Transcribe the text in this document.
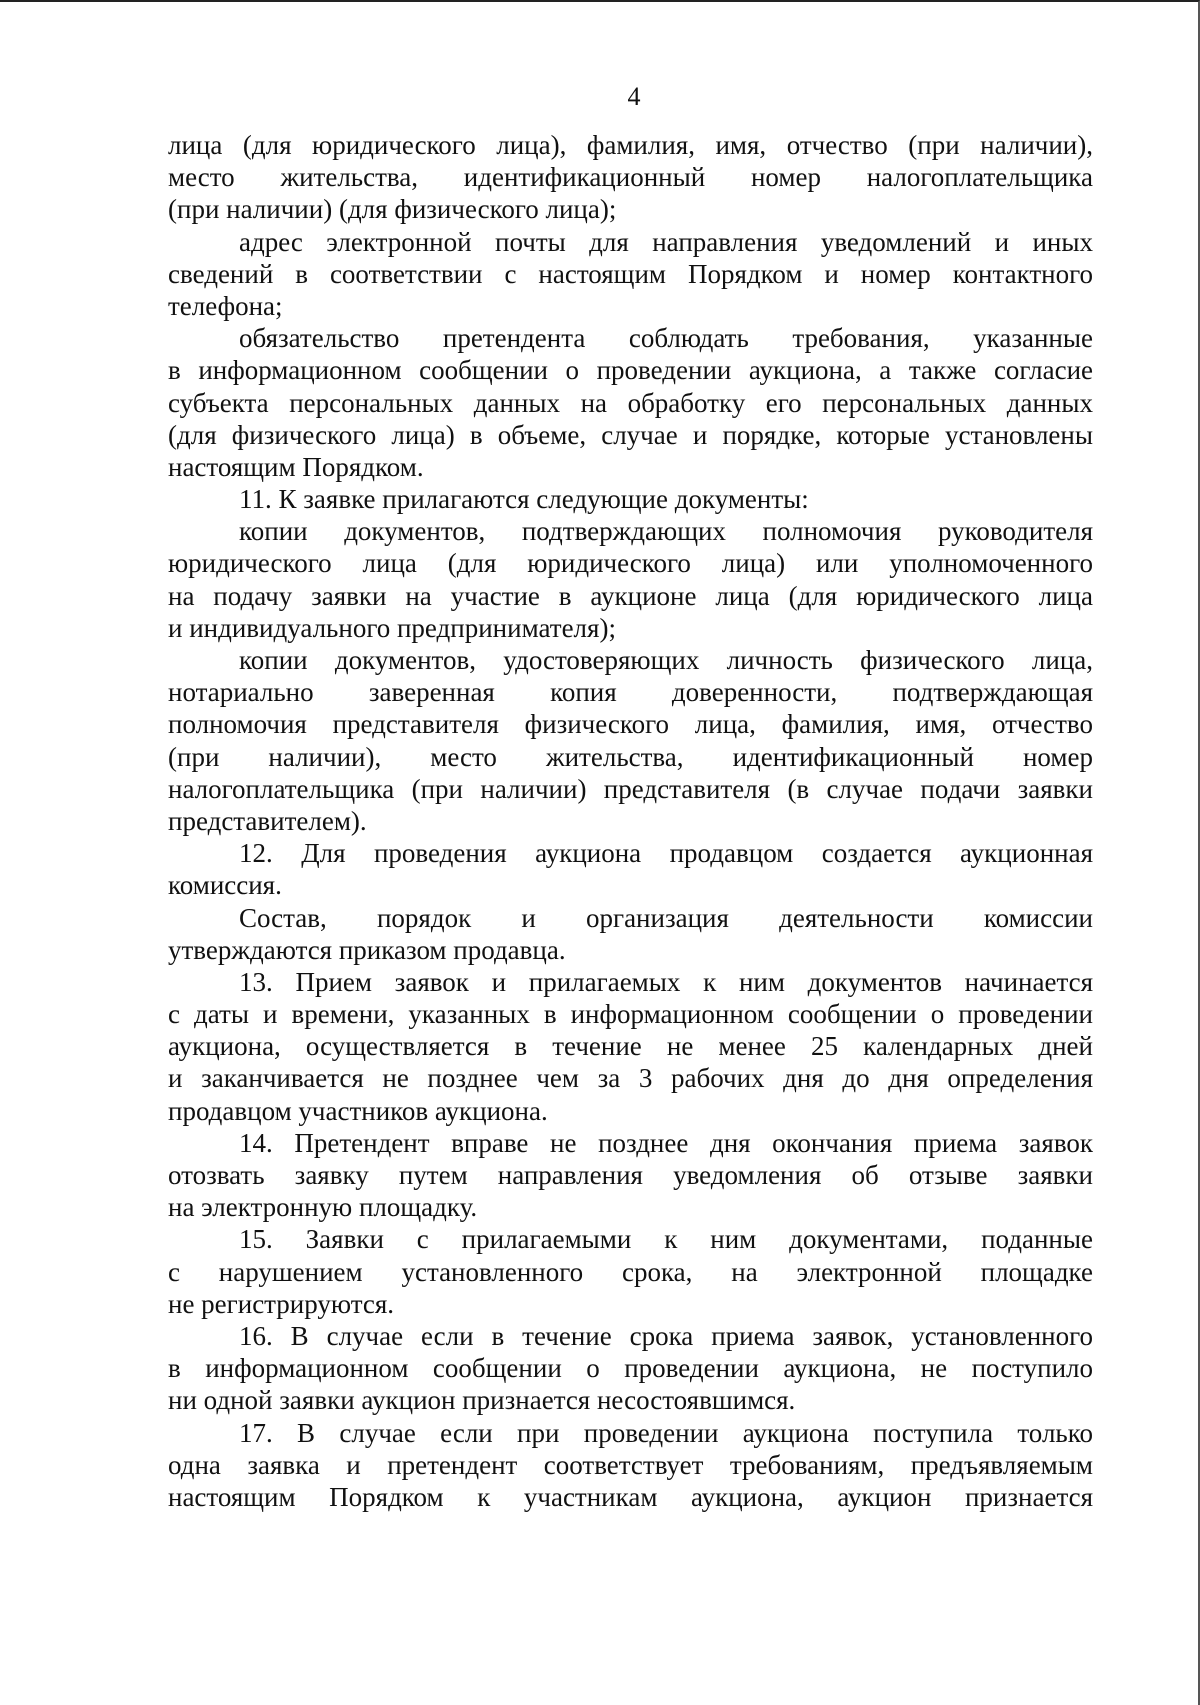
4
лица (для юридического лица), фамилия, имя, отчество (при наличии),
место жительства, идентификационный номер налогоплательщика
(при наличии) (для физического лица);
адрес электронной почты для направления уведомлений и иных
сведений в соответствии с настоящим Порядком и номер контактного
телефона;
обязательство претендента соблюдать требования, указанные
в информационном сообщении о проведении аукциона, а также согласие
субъекта персональных данных на обработку его персональных данных
(для физического лица) в объеме, случае и порядке, которые установлены
настоящим Порядком.
11. К заявке прилагаются следующие документы:
копии документов, подтверждающих полномочия руководителя
юридического лица (для юридического лица) или уполномоченного
на подачу заявки на участие в аукционе лица (для юридического лица
и индивидуального предпринимателя);
копии документов, удостоверяющих личность физического лица,
нотариально заверенная копия доверенности, подтверждающая
полномочия представителя физического лица, фамилия, имя, отчество
(при наличии), место жительства, идентификационный номер
налогоплательщика (при наличии) представителя (в случае подачи заявки
представителем).
12. Для проведения аукциона продавцом создается аукционная
комиссия.
Состав, порядок и организация деятельности комиссии
утверждаются приказом продавца.
13. Прием заявок и прилагаемых к ним документов начинается
с даты и времени, указанных в информационном сообщении о проведении
аукциона, осуществляется в течение не менее 25 календарных дней
и заканчивается не позднее чем за 3 рабочих дня до дня определения
продавцом участников аукциона.
14. Претендент вправе не позднее дня окончания приема заявок
отозвать заявку путем направления уведомления об отзыве заявки
на электронную площадку.
15. Заявки с прилагаемыми к ним документами, поданные
с нарушением установленного срока, на электронной площадке
не регистрируются.
16. В случае если в течение срока приема заявок, установленного
в информационном сообщении о проведении аукциона, не поступило
ни одной заявки аукцион признается несостоявшимся.
17. В случае если при проведении аукциона поступила только
одна заявка и претендент соответствует требованиям, предъявляемым
настоящим Порядком к участникам аукциона, аукцион признается
